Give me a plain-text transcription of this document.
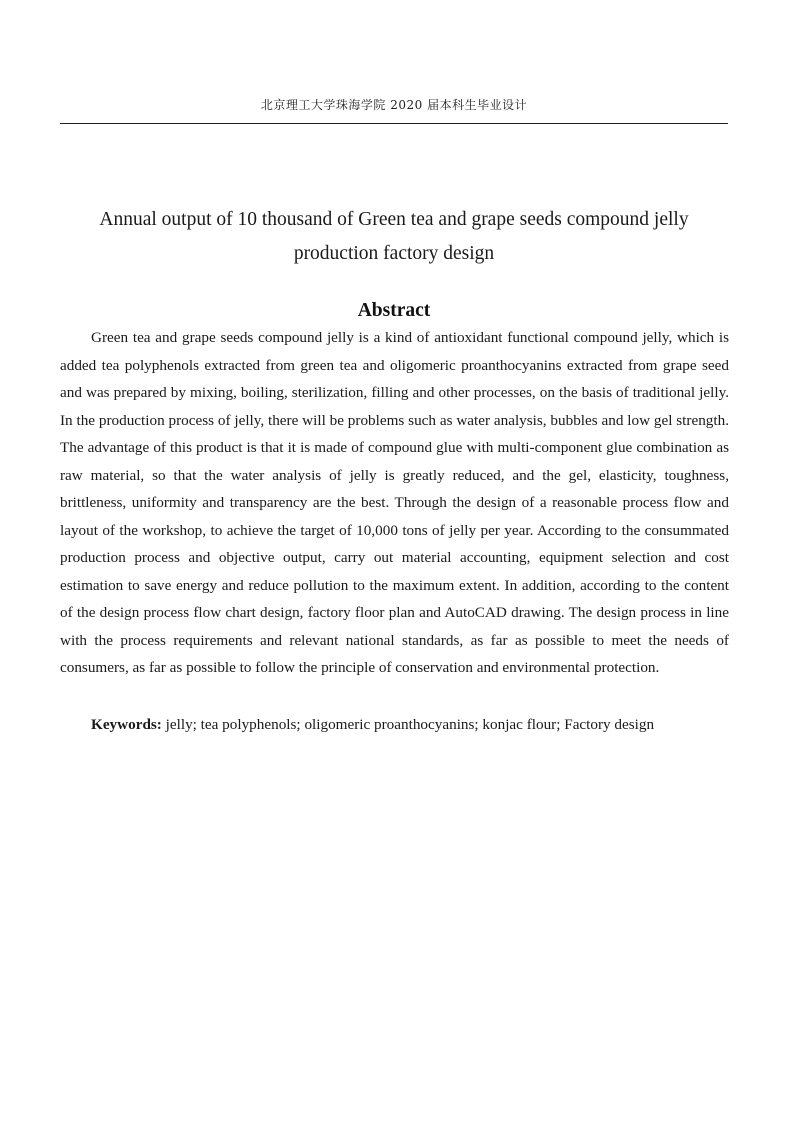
北京理工大学珠海学院 2020 届本科生毕业设计
Annual output of 10 thousand of Green tea and grape seeds compound jelly
production factory design
Abstract

Green tea and grape seeds compound jelly is a kind of antioxidant functional compound jelly, which is added tea polyphenols extracted from green tea and oligomeric proanthocyanins extracted from grape seed and was prepared by mixing, boiling, sterilization, filling and other processes, on the basis of traditional jelly. In the production process of jelly, there will be problems such as water analysis, bubbles and low gel strength. The advantage of this product is that it is made of compound glue with multi-component glue combination as raw material, so that the water analysis of jelly is greatly reduced, and the gel, elasticity, toughness, brittleness, uniformity and transparency are the best. Through the design of a reasonable process flow and layout of the workshop, to achieve the target of 10,000 tons of jelly per year. According to the consummated production process and objective output, carry out material accounting, equipment selection and cost estimation to save energy and reduce pollution to the maximum extent. In addition, according to the content of the design process flow chart design, factory floor plan and AutoCAD drawing. The design process in line with the process requirements and relevant national standards, as far as possible to meet the needs of consumers, as far as possible to follow the principle of conservation and environmental protection.

Keywords: jelly; tea polyphenols; oligomeric proanthocyanins; konjac flour; Factory design
